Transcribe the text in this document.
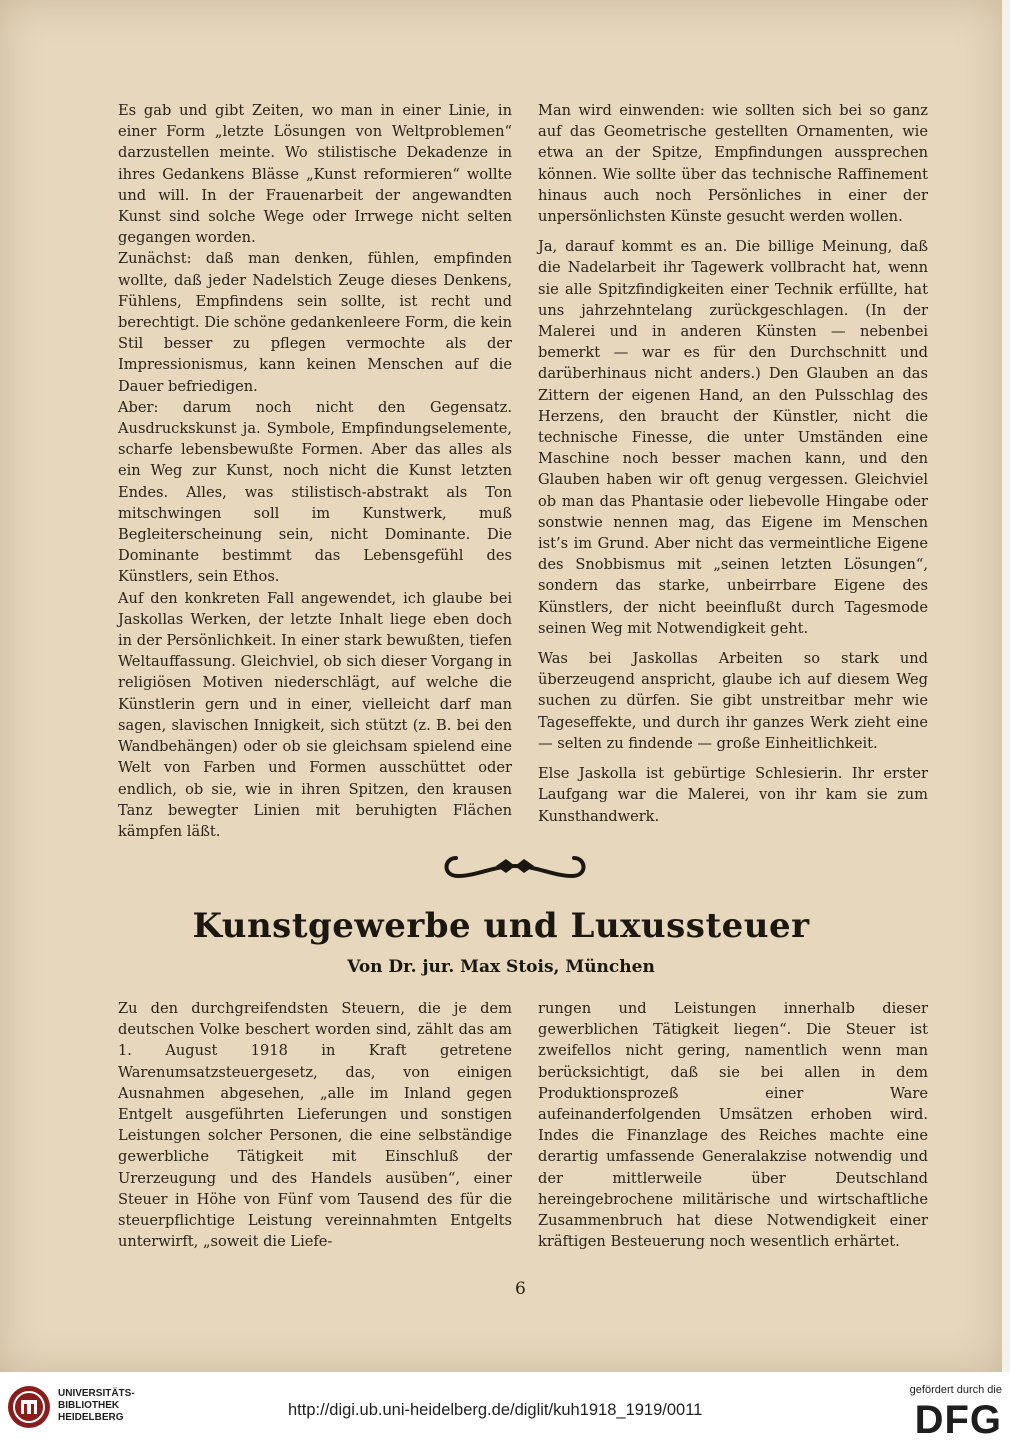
Es gab und gibt Zeiten, wo man in einer Linie, in einer Form „letzte Lösungen von Weltproblemen“ darzustellen meinte. Wo stilistische Dekadenze in ihres Gedankens Blässe „Kunst reformieren“ wollte und will. In der Frauenarbeit der angewandten Kunst sind solche Wege oder Irrwege nicht selten gegangen worden.

Zunächst: daß man denken, fühlen, empfinden wollte, daß jeder Nadelstich Zeuge dieses Denkens, Fühlens, Empfindens sein sollte, ist recht und berechtigt. Die schöne gedankenleere Form, die kein Stil besser zu pflegen vermochte als der Impressionismus, kann keinen Menschen auf die Dauer befriedigen.

Aber: darum noch nicht den Gegensatz. Ausdruckskunst ja. Symbole, Empfindungselemente, scharfe lebensbewußte Formen. Aber das alles als ein Weg zur Kunst, noch nicht die Kunst letzten Endes. Alles, was stilistisch-abstrakt als Ton mitschwingen soll im Kunstwerk, muß Begleiterscheinung sein, nicht Dominante. Die Dominante bestimmt das Lebensgefühl des Künstlers, sein Ethos.

Auf den konkreten Fall angewendet, ich glaube bei Jaskollas Werken, der letzte Inhalt liege eben doch in der Persönlichkeit. In einer stark bewußten, tiefen Weltauffassung. Gleichviel, ob sich dieser Vorgang in religiösen Motiven niederschlägt, auf welche die Künstlerin gern und in einer, vielleicht darf man sagen, slavischen Innigkeit, sich stützt (z. B. bei den Wandbehängen) oder ob sie gleichsam spielend eine Welt von Farben und Formen ausschüttet oder endlich, ob sie, wie in ihren Spitzen, den krausen Tanz bewegter Linien mit beruhigten Flächen kämpfen läßt.

Man wird einwenden: wie sollten sich bei so ganz auf das Geometrische gestellten Ornamenten, wie etwa an der Spitze, Empfindungen aussprechen können. Wie sollte über das technische Raffinement hinaus auch noch Persönliches in einer der unpersönlichsten Künste gesucht werden wollen.

Ja, darauf kommt es an. Die billige Meinung, daß die Nadelarbeit ihr Tagewerk vollbracht hat, wenn sie alle Spitzfindigkeiten einer Technik erfüllte, hat uns jahrzehntelang zurückgeschlagen. (In der Malerei und in anderen Künsten — nebenbei bemerkt — war es für den Durchschnitt und darüberhinaus nicht anders.) Den Glauben an das Zittern der eigenen Hand, an den Pulsschlag des Herzens, den braucht der Künstler, nicht die technische Finesse, die unter Umständen eine Maschine noch besser machen kann, und den Glauben haben wir oft genug vergessen. Gleichviel ob man das Phantasie oder liebevolle Hingabe oder sonstwie nennen mag, das Eigene im Menschen ist’s im Grund. Aber nicht das vermeintliche Eigene des Snobbismus mit „seinen letzten Lösungen“, sondern das starke, unbeirrbare Eigene des Künstlers, der nicht beeinflußt durch Tagesmode seinen Weg mit Notwendigkeit geht.

Was bei Jaskollas Arbeiten so stark und überzeugend anspricht, glaube ich auf diesem Weg suchen zu dürfen. Sie gibt unstreitbar mehr wie Tageseffekte, und durch ihr ganzes Werk zieht eine — selten zu findende — große Einheitlichkeit.

Else Jaskolla ist gebürtige Schlesierin. Ihr erster Laufgang war die Malerei, von ihr kam sie zum Kunsthandwerk.

Kunstgewerbe und Luxussteuer
Von Dr. jur. Max Stois, München

Zu den durchgreifendsten Steuern, die je dem deutschen Volke beschert worden sind, zählt das am 1. August 1918 in Kraft getretene Warenumsatzsteuergesetz, das, von einigen Ausnahmen abgesehen, „alle im Inland gegen Entgelt ausgeführten Lieferungen und sonstigen Leistungen solcher Personen, die eine selbständige gewerbliche Tätigkeit mit Einschluß der Urerzeugung und des Handels ausüben“, einer Steuer in Höhe von Fünf vom Tausend des für die steuerpflichtige Leistung vereinnahmten Entgelts unterwirft, „soweit die Liefe-

rungen und Leistungen innerhalb dieser gewerblichen Tätigkeit liegen“. Die Steuer ist zweifellos nicht gering, namentlich wenn man berücksichtigt, daß sie bei allen in dem Produktionsprozeß einer Ware aufeinanderfolgenden Umsätzen erhoben wird. Indes die Finanzlage des Reiches machte eine derartig umfassende Generalakzise notwendig und der mittlerweile über Deutschland hereingebrochene militärische und wirtschaftliche Zusammenbruch hat diese Notwendigkeit einer kräftigen Besteuerung noch wesentlich erhärtet.

6
UNIVERSITÄTS-
BIBLIOTHEK
HEIDELBERG	http://digi.ub.uni-heidelberg.de/diglit/kuh1918_1919/0011
gefördert durch die
DFG
